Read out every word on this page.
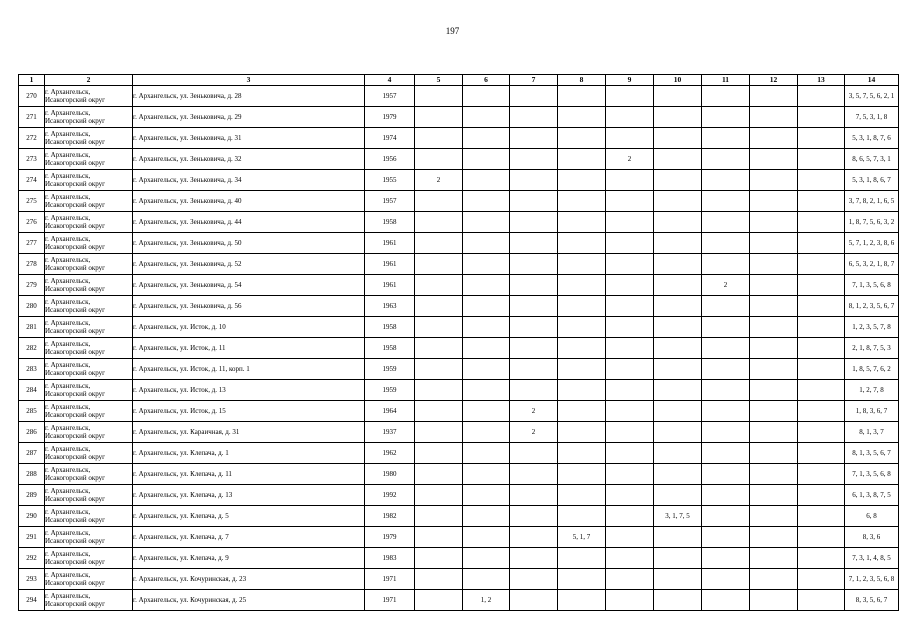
197
1	2	3	4	5	6	7	8	9	10	11	12	13	14
270	г. Архангельск, Исакогорский округ	г. Архангельск, ул. Зеньковича, д. 28	1957										3, 5, 7, 5, 6, 2, 1
271	г. Архангельск, Исакогорский округ	г. Архангельск, ул. Зеньковича, д. 29	1979										7, 5, 3, 1, 8
272	г. Архангельск, Исакогорский округ	г. Архангельск, ул. Зеньковича, д. 31	1974										5, 3, 1, 8, 7, 6
273	г. Архангельск, Исакогорский округ	г. Архангельск, ул. Зеньковича, д. 32	1956					2					8, 6, 5, 7, 3, 1
274	г. Архангельск, Исакогорский округ	г. Архангельск, ул. Зеньковича, д. 34	1955	2									5, 3, 1, 8, 6, 7
275	г. Архангельск, Исакогорский округ	г. Архангельск, ул. Зеньковича, д. 40	1957										3, 7, 8, 2, 1, 6, 5
276	г. Архангельск, Исакогорский округ	г. Архангельск, ул. Зеньковича, д. 44	1958										1, 8, 7, 5, 6, 3, 2
277	г. Архангельск, Исакогорский округ	г. Архангельск, ул. Зеньковича, д. 50	1961										5, 7, 1, 2, 3, 8, 6
278	г. Архангельск, Исакогорский округ	г. Архангельск, ул. Зеньковича, д. 52	1961										6, 5, 3, 2, 1, 8, 7
279	г. Архангельск, Исакогорский округ	г. Архангельск, ул. Зеньковича, д. 54	1961							2			7, 1, 3, 5, 6, 8
280	г. Архангельск, Исакогорский округ	г. Архангельск, ул. Зеньковича, д. 56	1963										8, 1, 2, 3, 5, 6, 7
281	г. Архангельск, Исакогорский округ	г. Архангельск, ул. Исток, д. 10	1958										1, 2, 3, 5, 7, 8
282	г. Архангельск, Исакогорский округ	г. Архангельск, ул. Исток, д. 11	1958										2, 1, 8, 7, 5, 3
283	г. Архангельск, Исакогорский округ	г. Архангельск, ул. Исток, д. 11, корп. 1	1959										1, 8, 5, 7, 6, 2
284	г. Архангельск, Исакогорский округ	г. Архангельск, ул. Исток, д. 13	1959										1, 2, 7, 8
285	г. Архангельск, Исакогорский округ	г. Архангельск, ул. Исток, д. 15	1964			2							1, 8, 3, 6, 7
286	г. Архангельск, Исакогорский округ	г. Архангельск, ул. Караичная, д. 31	1937			2							8, 1, 3, 7
287	г. Архангельск, Исакогорский округ	г. Архангельск, ул. Клепача, д. 1	1962										8, 1, 3, 5, 6, 7
288	г. Архангельск, Исакогорский округ	г. Архангельск, ул. Клепача, д. 11	1980										7, 1, 3, 5, 6, 8
289	г. Архангельск, Исакогорский округ	г. Архангельск, ул. Клепача, д. 13	1992										6, 1, 3, 8, 7, 5
290	г. Архангельск, Исакогорский округ	г. Архангельск, ул. Клепача, д. 5	1982						3, 1, 7, 5				6, 8
291	г. Архангельск, Исакогорский округ	г. Архангельск, ул. Клепача, д. 7	1979				5, 1, 7						8, 3, 6
292	г. Архангельск, Исакогорский округ	г. Архангельск, ул. Клепача, д. 9	1983										7, 3, 1, 4, 8, 5
293	г. Архангельск, Исакогорский округ	г. Архангельск, ул. Кочуринская, д. 23	1971										7, 1, 2, 3, 5, 6, 8
294	г. Архангельск, Исакогорский округ	г. Архангельск, ул. Кочуринская, д. 25	1971		1, 2								8, 3, 5, 6, 7
